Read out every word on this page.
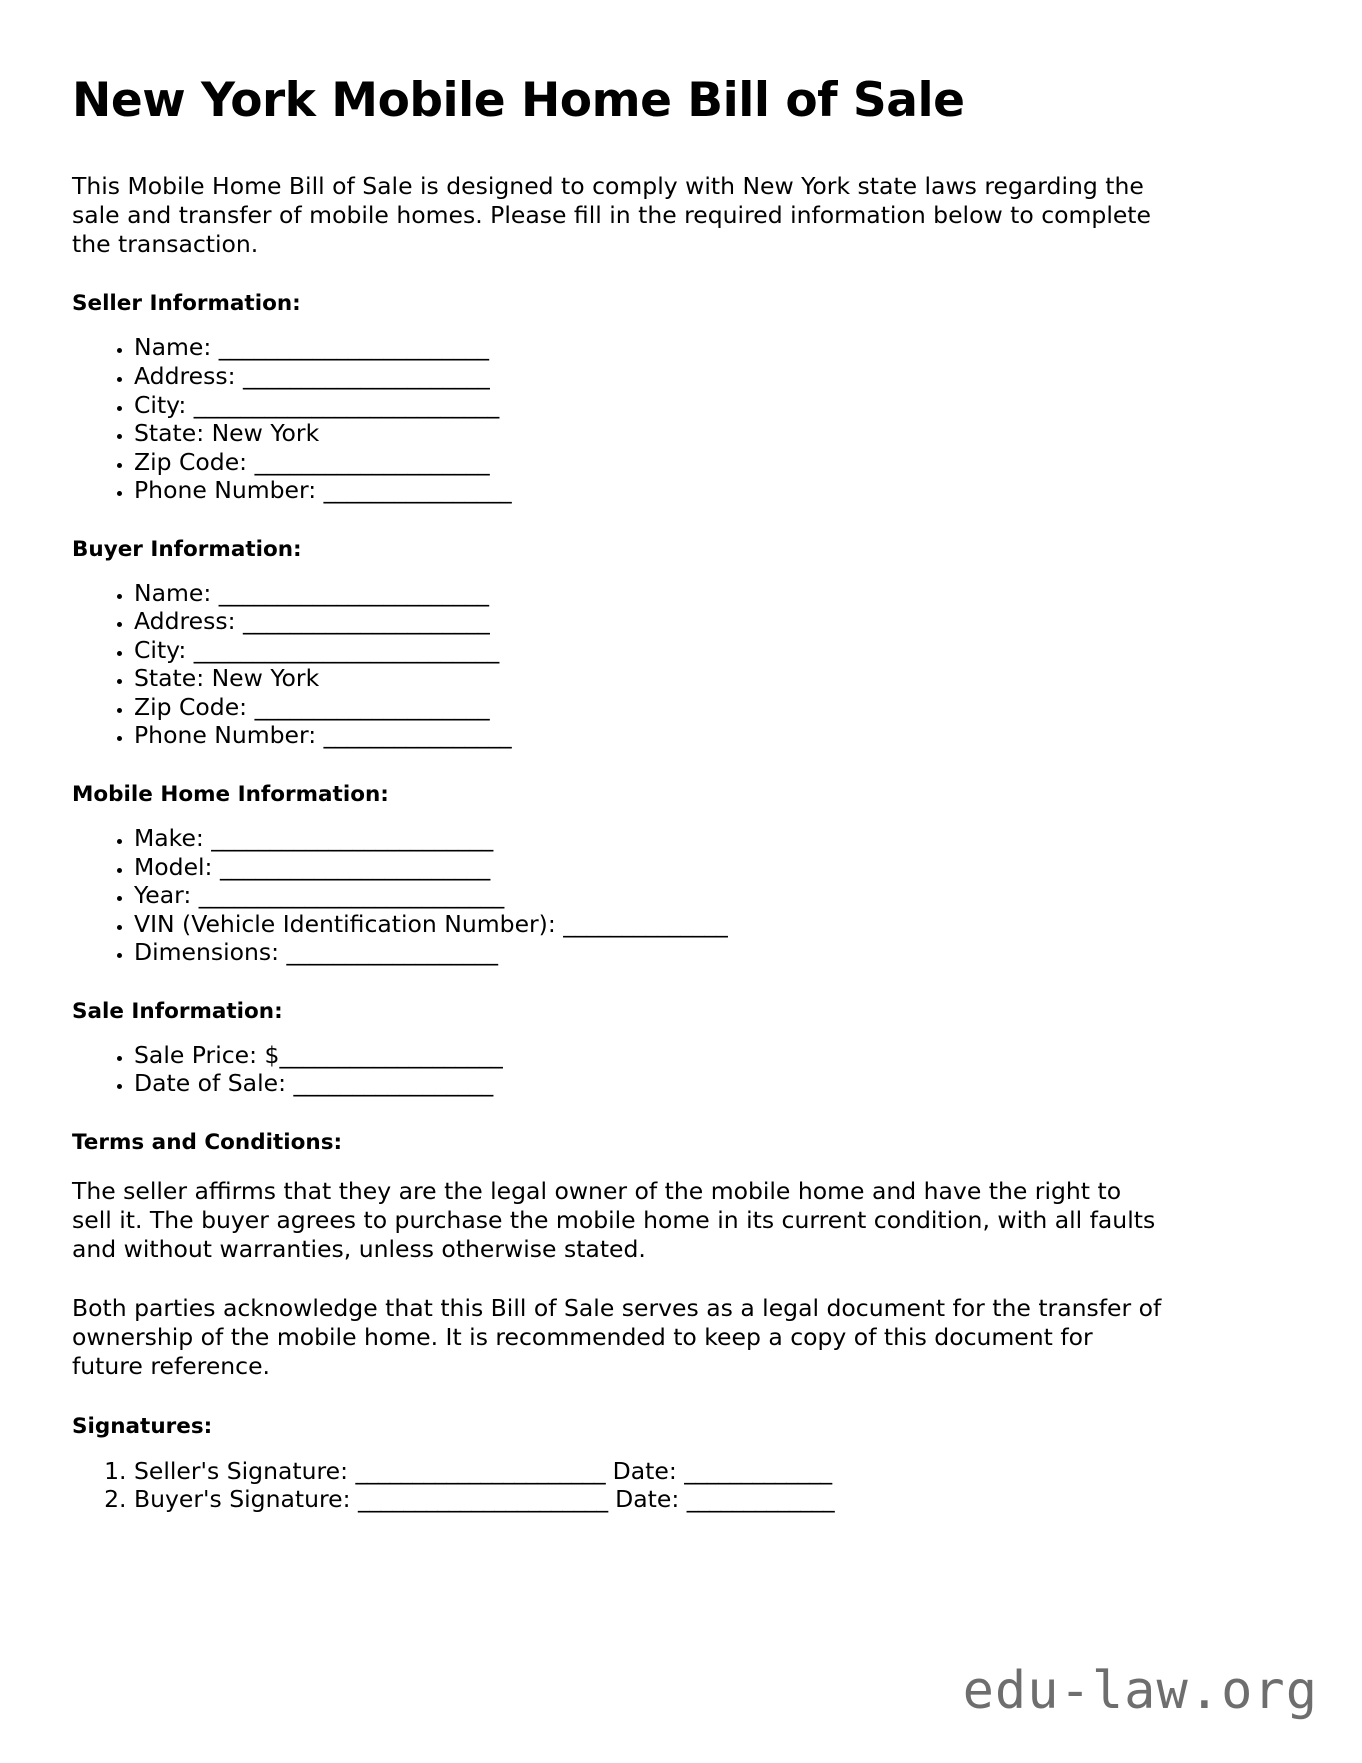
New York Mobile Home Bill of Sale

This Mobile Home Bill of Sale is designed to comply with New York state laws regarding the sale and transfer of mobile homes. Please fill in the required information below to complete the transaction.

Seller Information:
• Name: _______________________
• Address: _____________________
• City: __________________________
• State: New York
• Zip Code: ____________________
• Phone Number: ________________
Buyer Information:
• Name: _______________________
• Address: _____________________
• City: __________________________
• State: New York
• Zip Code: ____________________
• Phone Number: ________________
Mobile Home Information:
• Make: ________________________
• Model: _______________________
• Year: __________________________
• VIN (Vehicle Identification Number): ______________
• Dimensions: __________________
Sale Information:
• Sale Price: $___________________
• Date of Sale: _________________
Terms and Conditions:

The seller affirms that they are the legal owner of the mobile home and have the right to sell it. The buyer agrees to purchase the mobile home in its current condition, with all faults and without warranties, unless otherwise stated.

Both parties acknowledge that this Bill of Sale serves as a legal document for the transfer of ownership of the mobile home. It is recommended to keep a copy of this document for future reference.

Signatures:
1. Seller's Signature: ______________________ Date: _____________
2. Buyer's Signature: ______________________ Date: _____________
edu-law.org
